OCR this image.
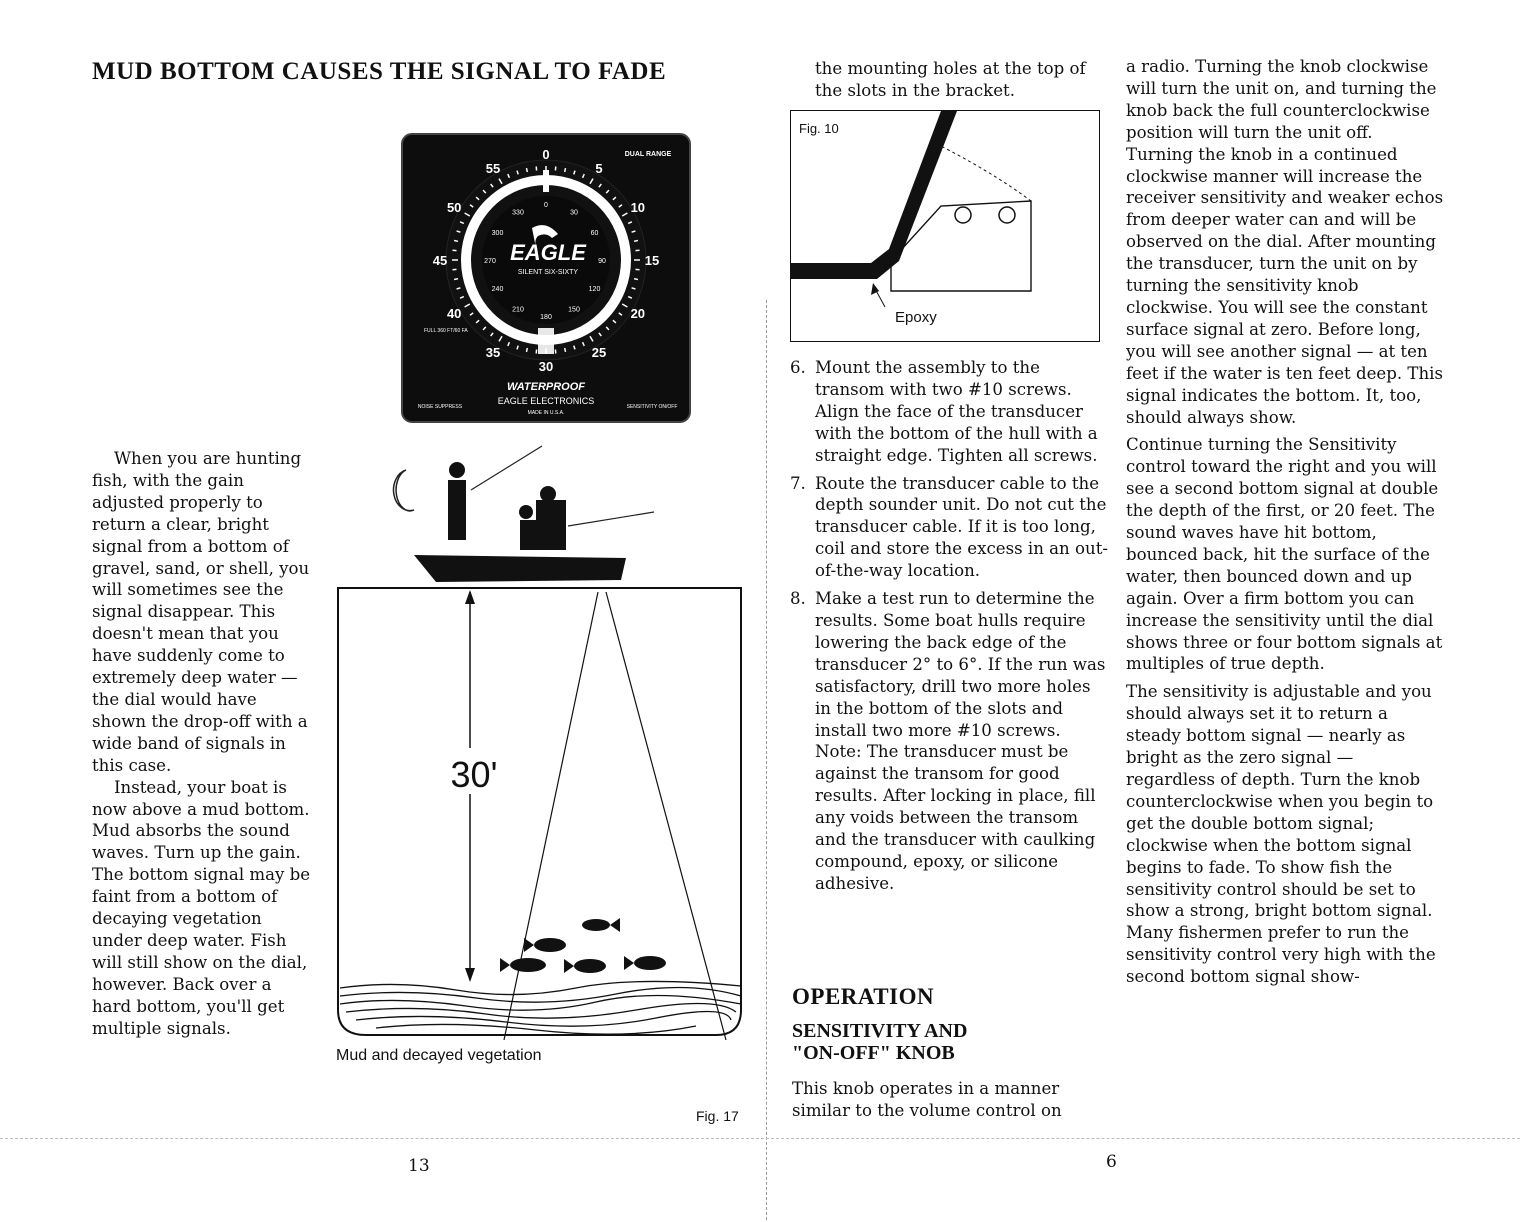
MUD BOTTOM CAUSES THE SIGNAL TO FADE
0
5
10
15
20
25
30
35
40
45
50
55
0
30
60
90
120
150
180
210
240
270
300
330
DUAL RANGE
EAGLE
SILENT SIX-SIXTY
FULL 360 FT/60 FA
WATERPROOF
EAGLE ELECTRONICS
MADE IN U.S.A.
NOISE SUPPRESS	SENSITIVITY ON/OFF

When you are hunting fish, with the gain adjusted properly to return a clear, bright signal from a bottom of gravel, sand, or shell, you will sometimes see the signal disappear. This doesn't mean that you have suddenly come to extremely deep water — the dial would have shown the drop-off with a wide band of signals in this case.

Instead, your boat is now above a mud bottom. Mud absorbs the sound waves. Turn up the gain. The bottom signal may be faint from a bottom of decaying vegetation under deep water. Fish will still show on the dial, however. Back over a hard bottom, you'll get multiple signals.

30'
Mud and decayed vegetation
Fig. 17
13
the mounting holes at the top of the slots in the bracket.
Fig. 10
Epoxy
6. Mount the assembly to the transom with two #10 screws. Align the face of the transducer with the bottom of the hull with a straight edge. Tighten all screws.
7. Route the transducer cable to the depth sounder unit. Do not cut the transducer cable. If it is too long, coil and store the excess in an out-of-the-way location.
8. Make a test run to determine the results. Some boat hulls require lowering the back edge of the transducer 2° to 6°. If the run was satisfactory, drill two more holes in the bottom of the slots and install two more #10 screws. Note: The transducer must be against the transom for good results. After locking in place, fill any voids between the transom and the transducer with caulking compound, epoxy, or silicone adhesive.
OPERATION
SENSITIVITY AND
"ON-OFF" KNOB
This knob operates in a manner similar to the volume control on

a radio. Turning the knob clockwise will turn the unit on, and turning the knob back the full counterclockwise position will turn the unit off. Turning the knob in a continued clockwise manner will increase the receiver sensitivity and weaker echos from deeper water can and will be observed on the dial. After mounting the transducer, turn the unit on by turning the sensitivity knob clockwise. You will see the constant surface signal at zero. Before long, you will see another signal — at ten feet if the water is ten feet deep. This signal indicates the bottom. It, too, should always show.

Continue turning the Sensitivity control toward the right and you will see a second bottom signal at double the depth of the first, or 20 feet. The sound waves have hit bottom, bounced back, hit the surface of the water, then bounced down and up again. Over a firm bottom you can increase the sensitivity until the dial shows three or four bottom signals at multiples of true depth.

The sensitivity is adjustable and you should always set it to return a steady bottom signal — nearly as bright as the zero signal — regardless of depth. Turn the knob counterclockwise when you begin to get the double bottom signal; clockwise when the bottom signal begins to fade. To show fish the sensitivity control should be set to show a strong, bright bottom signal. Many fishermen prefer to run the sensitivity control very high with the second bottom signal show-

6
